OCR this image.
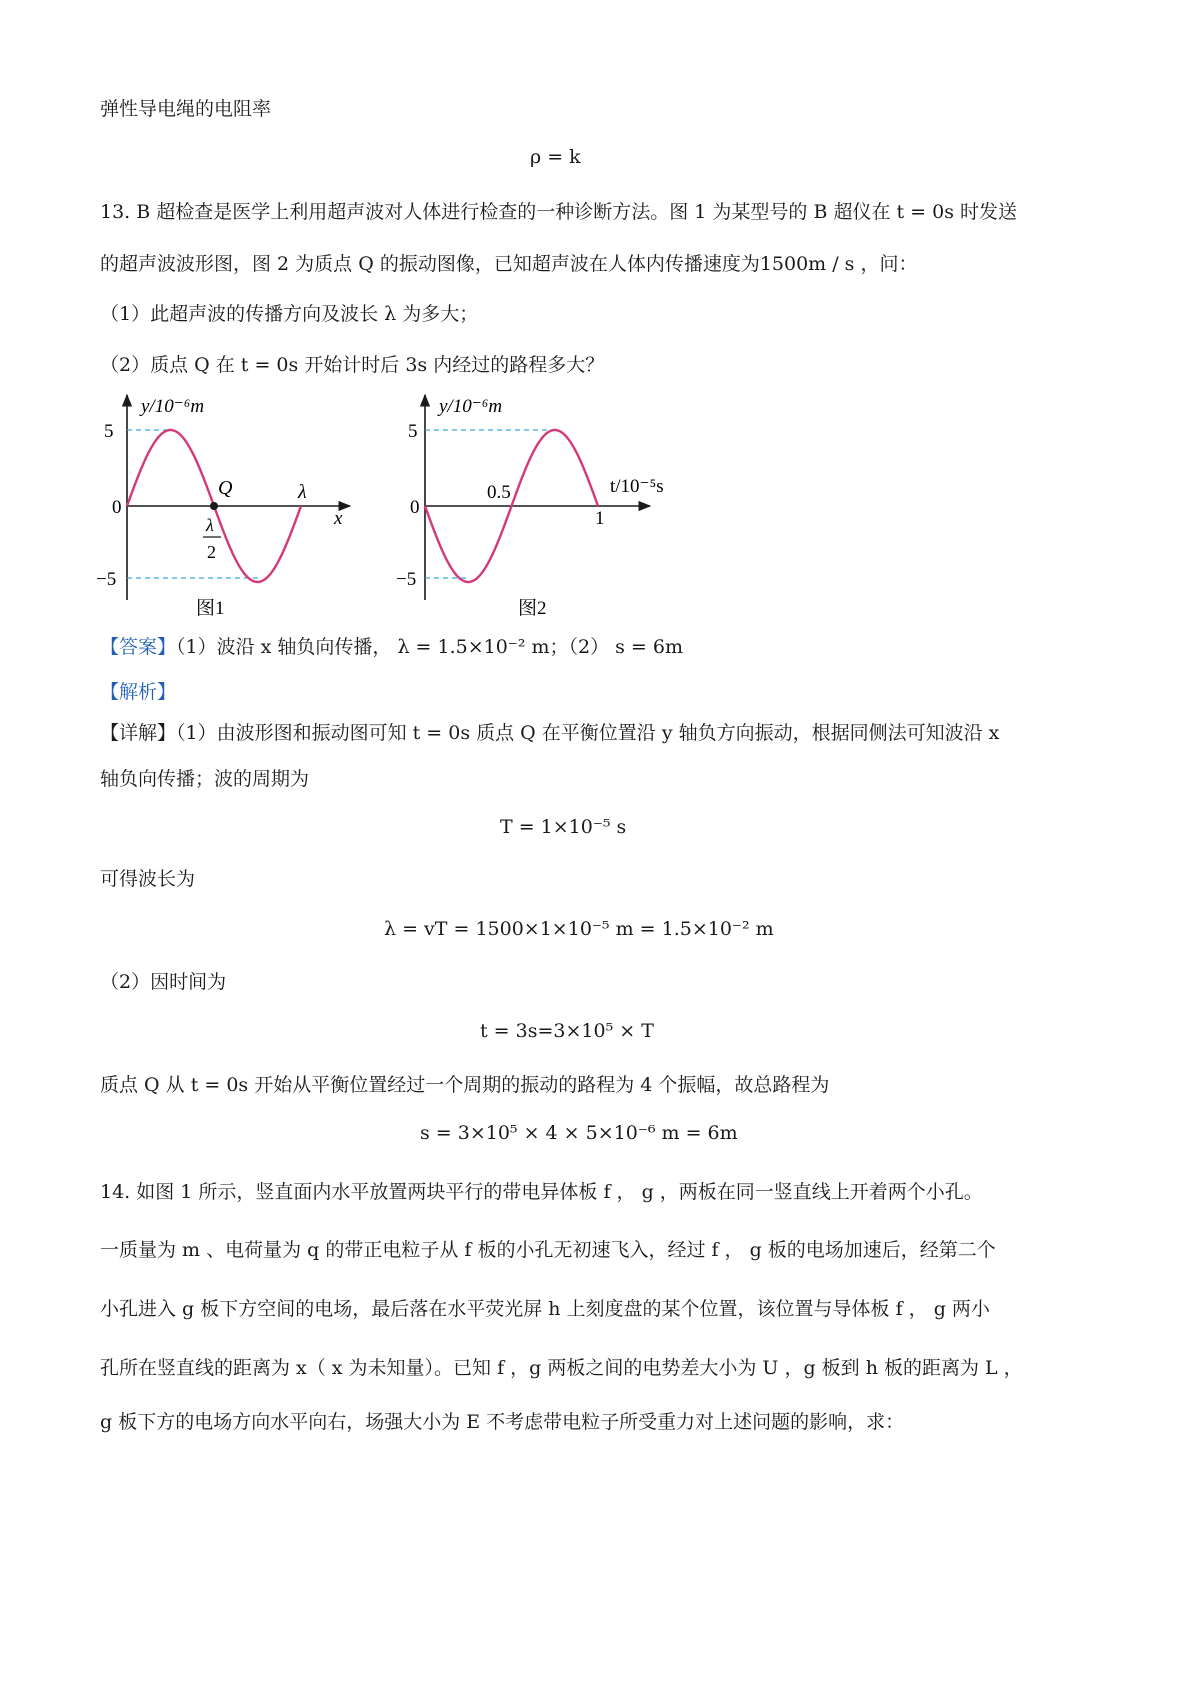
弹性导电绳的电阻率
ρ = k
13. B 超检查是医学上利用超声波对人体进行检查的一种诊断方法。图 1 为某型号的 B 超仪在 t = 0s 时发送
的超声波波形图，图 2 为质点 Q 的振动图像，已知超声波在人体内传播速度为1500m / s ，问：
（1）此超声波的传播方向及波长 λ 为多大；
（2）质点 Q 在 t = 0s 开始计时后 3s 内经过的路程多大？
y/10⁻⁶m
5
0
−5
Q	λ
x
λ
2
图1
y/10⁻⁶m
5
0
−5
0.5
1
t/10⁻⁵s
图2
【答案】（1）波沿 x 轴负向传播， λ = 1.5×10⁻² m；（2） s = 6m
【解析】
【详解】（1）由波形图和振动图可知 t = 0s 质点 Q 在平衡位置沿 y 轴负方向振动，根据同侧法可知波沿 x
轴负向传播；波的周期为
T = 1×10⁻⁵ s
可得波长为
λ = vT = 1500×1×10⁻⁵ m = 1.5×10⁻² m
（2）因时间为
t = 3s=3×10⁵ × T
质点 Q 从 t = 0s 开始从平衡位置经过一个周期的振动的路程为 4 个振幅，故总路程为
s = 3×10⁵ × 4 × 5×10⁻⁶ m = 6m
14. 如图 1 所示，竖直面内水平放置两块平行的带电异体板 f ， g ，两板在同一竖直线上开着两个小孔。
一质量为 m 、电荷量为 q 的带正电粒子从 f 板的小孔无初速飞入，经过 f ， g 板的电场加速后，经第二个
小孔进入 g 板下方空间的电场，最后落在水平荧光屏 h 上刻度盘的某个位置，该位置与导体板 f ， g 两小
孔所在竖直线的距离为 x（ x 为未知量）。已知 f ，g 两板之间的电势差大小为 U ，g 板到 h 板的距离为 L ，
g 板下方的电场方向水平向右，场强大小为 E 不考虑带电粒子所受重力对上述问题的影响，求：
